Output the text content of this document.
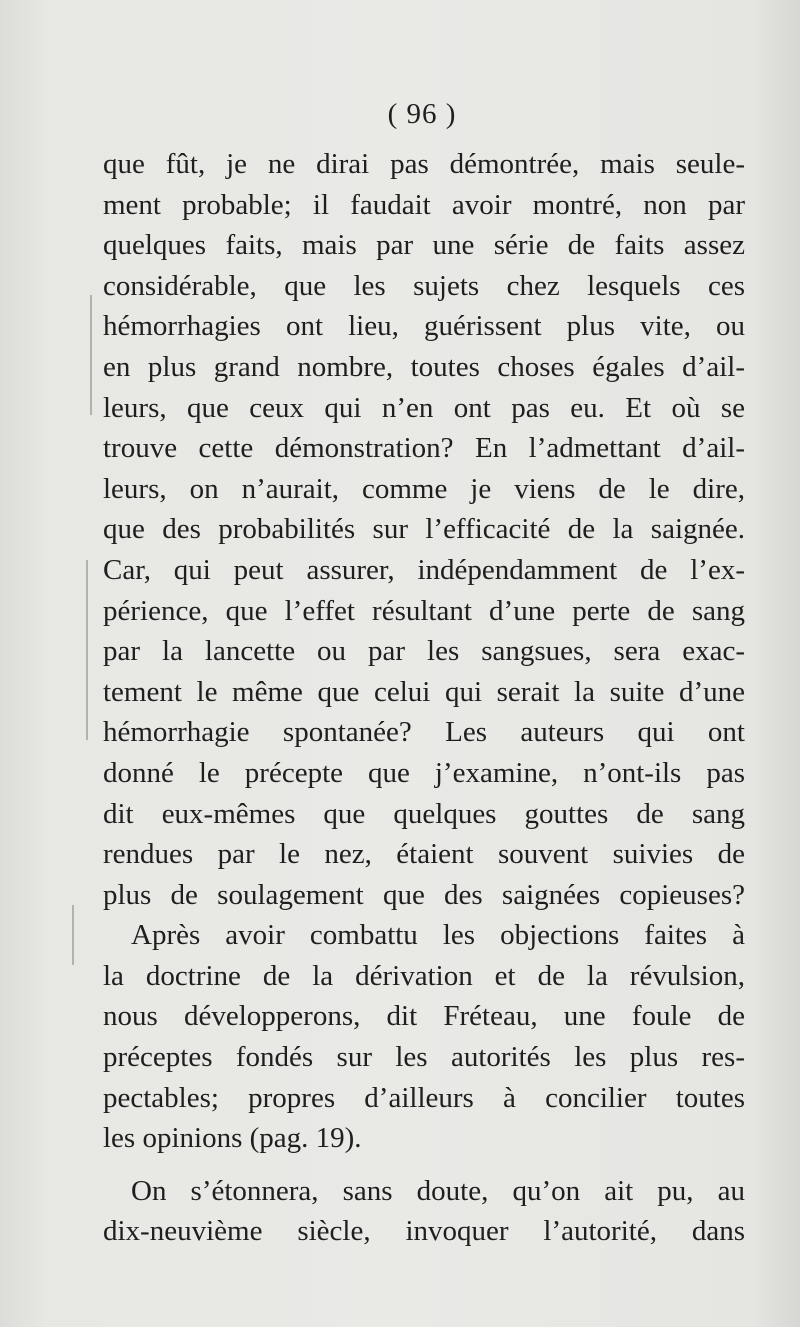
( 96 )
que fût, je ne dirai pas démontrée, mais seule-
ment probable; il faudait avoir montré, non par
quelques faits, mais par une série de faits assez
considérable, que les sujets chez lesquels ces
hémorrhagies ont lieu, guérissent plus vite, ou
en plus grand nombre, toutes choses égales d’ail-
leurs, que ceux qui n’en ont pas eu. Et où se
trouve cette démonstration? En l’admettant d’ail-
leurs, on n’aurait, comme je viens de le dire,
que des probabilités sur l’efficacité de la saignée.
Car, qui peut assurer, indépendamment de l’ex-
périence, que l’effet résultant d’une perte de sang
par la lancette ou par les sangsues, sera exac-
tement le même que celui qui serait la suite d’une
hémorrhagie spontanée? Les auteurs qui ont
donné le précepte que j’examine, n’ont-ils pas
dit eux-mêmes que quelques gouttes de sang
rendues par le nez, étaient souvent suivies de
plus de soulagement que des saignées copieuses?
Après avoir combattu les objections faites à
la doctrine de la dérivation et de la révulsion,
nous développerons, dit Fréteau, une foule de
préceptes fondés sur les autorités les plus res-
pectables; propres d’ailleurs à concilier toutes
les opinions (pag. 19).
On s’étonnera, sans doute, qu’on ait pu, au
dix-neuvième siècle, invoquer l’autorité, dans
